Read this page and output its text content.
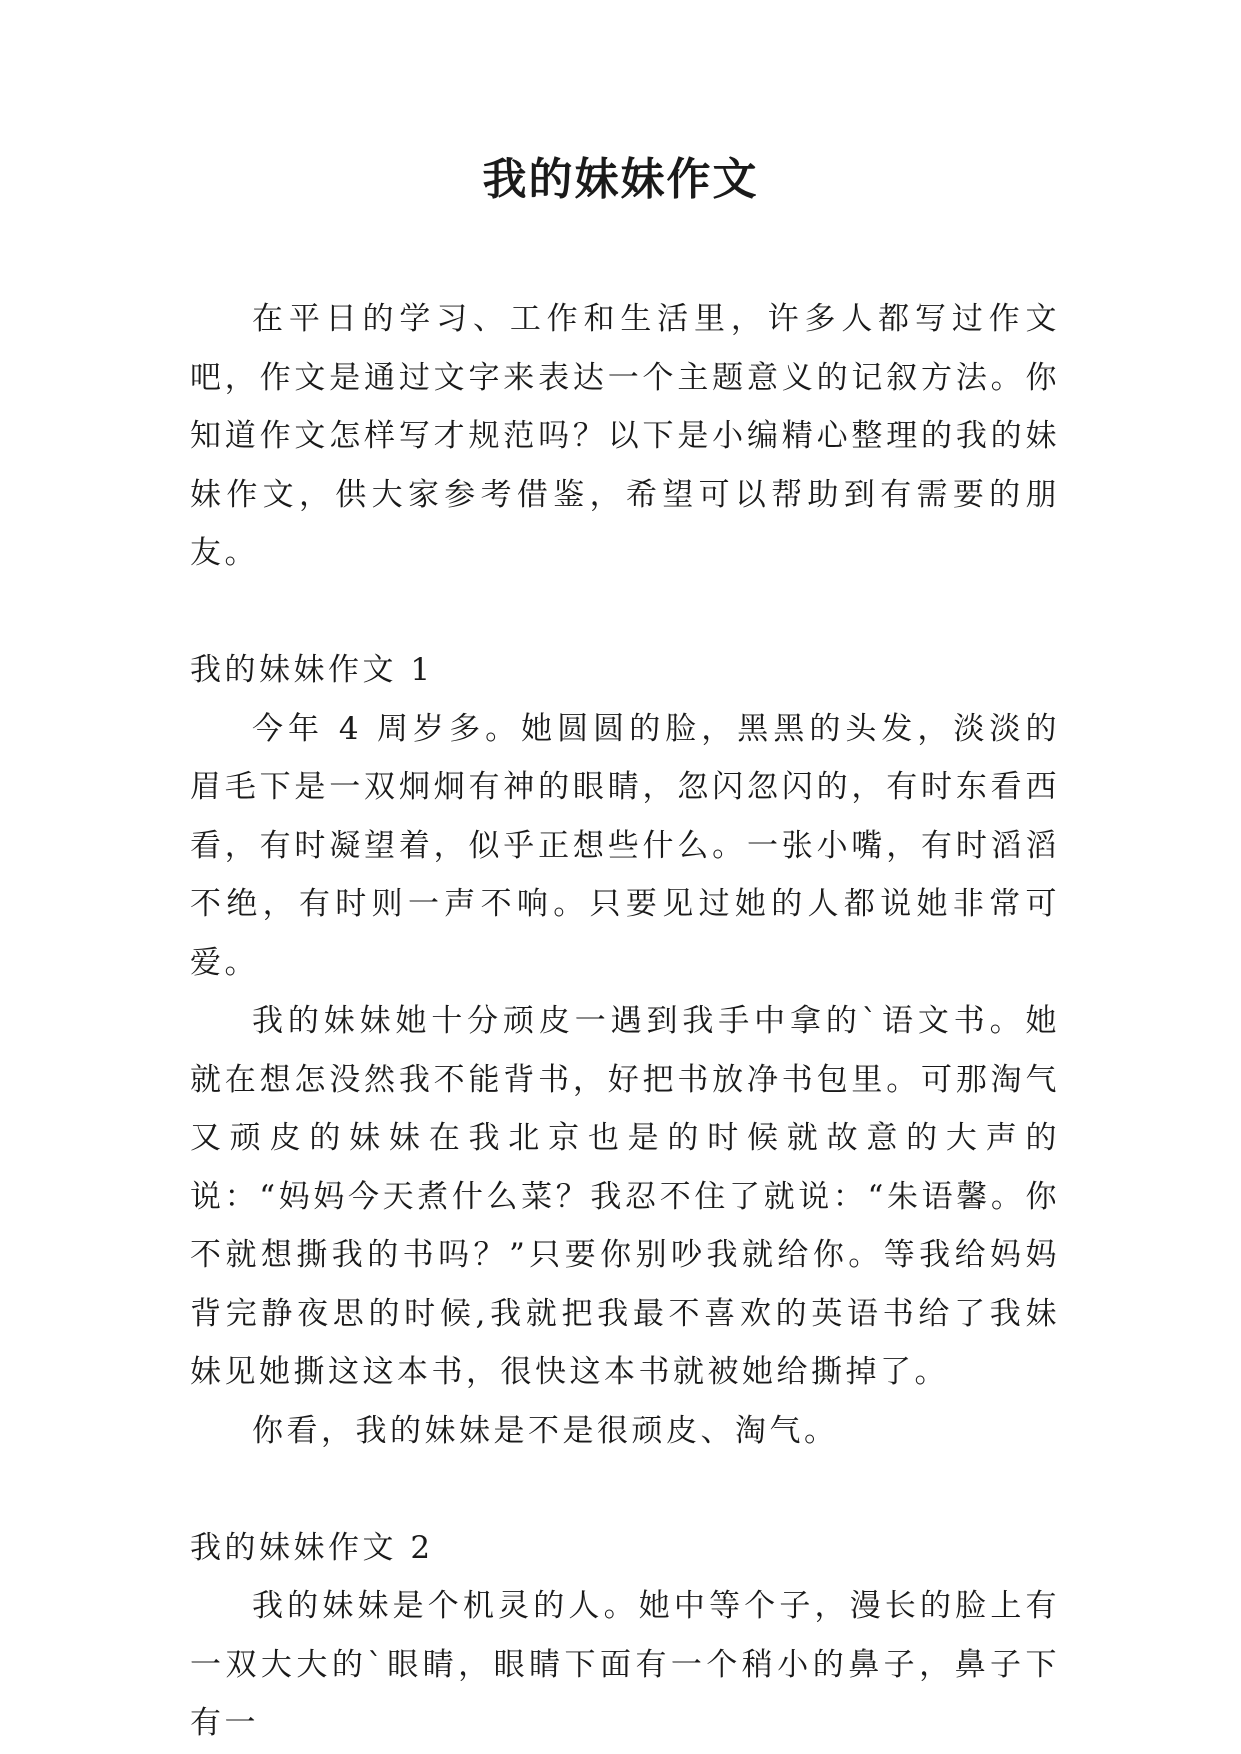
我的妹妹作文

在平日的学习、工作和生活里，许多人都写过作文吧，作文是通过文字来表达一个主题意义的记叙方法。你知道作文怎样写才规范吗？以下是小编精心整理的我的妹妹作文，供大家参考借鉴，希望可以帮助到有需要的朋友。

我的妹妹作文 1

今年 4 周岁多。她圆圆的脸，黑黑的头发，淡淡的眉毛下是一双炯炯有神的眼睛，忽闪忽闪的，有时东看西看，有时凝望着，似乎正想些什么。一张小嘴，有时滔滔不绝，有时则一声不响。只要见过她的人都说她非常可爱。

我的妹妹她十分顽皮一遇到我手中拿的`语文书。她就在想怎没然我不能背书，好把书放净书包里。可那淘气又顽皮的妹妹在我北京也是的时候就故意的大声的说：“妈妈今天煮什么菜？我忍不住了就说：“朱语馨。你不就想撕我的书吗？”只要你别吵我就给你。等我给妈妈背完静夜思的时候,我就把我最不喜欢的英语书给了我妹妹见她撕这这本书，很快这本书就被她给撕掉了。

你看，我的妹妹是不是很顽皮、淘气。

我的妹妹作文 2

我的妹妹是个机灵的人。她中等个子，漫长的脸上有一双大大的`眼睛，眼睛下面有一个稍小的鼻子，鼻子下有一
